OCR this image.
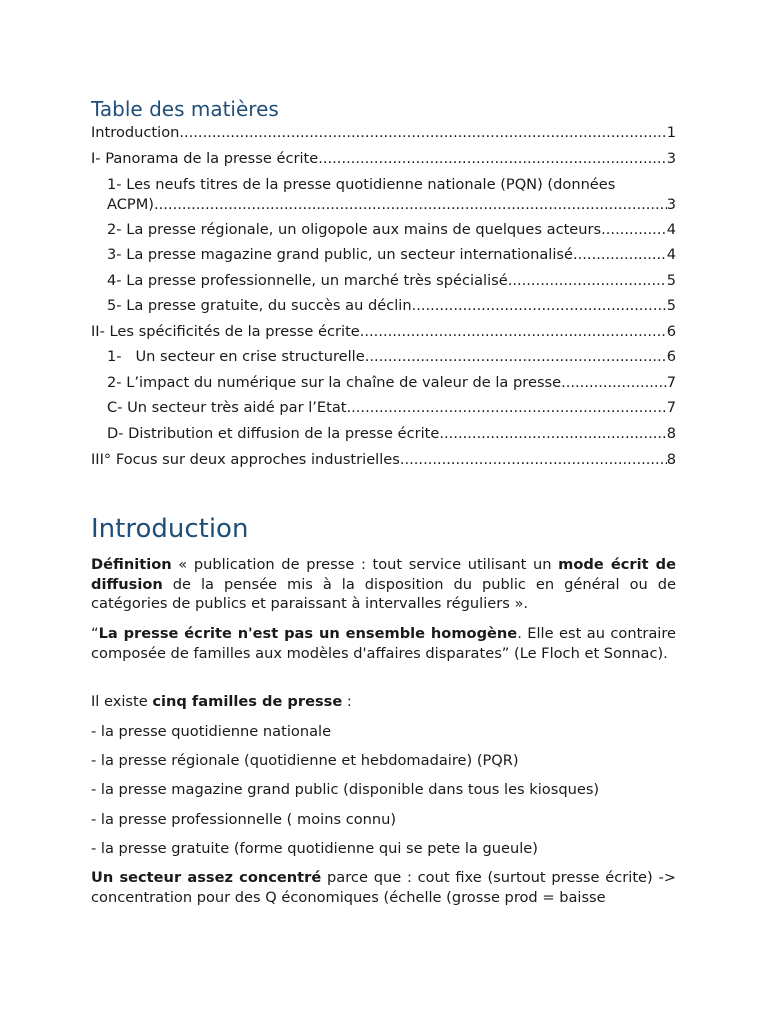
Table des matières
Introduction .....	1
I- Panorama de la presse écrite .....	3
1- Les neufs titres de la presse quotidienne nationale (PQN) (données
ACPM) .....	3
2- La presse régionale, un oligopole aux mains de quelques acteurs .....	4
3- La presse magazine grand public, un secteur internationalisé .....	4
4- La presse professionnelle, un marché très spécialisé .....	5
5- La presse gratuite, du succès au déclin .....	5
II- Les spécificités de la presse écrite .....	6
1-   Un secteur en crise structurelle .....	6
2- L’impact du numérique sur la chaîne de valeur de la presse .....	7
C- Un secteur très aidé par l’Etat .....	7
D- Distribution et diffusion de la presse écrite .....	8
III° Focus sur deux approches industrielles .....	8
Introduction

Définition « publication de presse : tout service utilisant un mode écrit de diffusion de la pensée mis à la disposition du public en général ou de catégories de publics et paraissant à intervalles réguliers ».

“La presse écrite n'est pas un ensemble homogène. Elle est au contraire composée de familles aux modèles d'affaires disparates” (Le Floch et Sonnac).

Il existe cinq familles de presse :

- la presse quotidienne nationale

- la presse régionale (quotidienne et hebdomadaire) (PQR)

- la presse magazine grand public (disponible dans tous les kiosques)

- la presse professionnelle ( moins connu)

- la presse gratuite (forme quotidienne qui se pete la gueule)

Un secteur assez concentré parce que : cout fixe (surtout presse écrite) -> concentration pour des Q économiques (échelle (grosse prod = baisse
